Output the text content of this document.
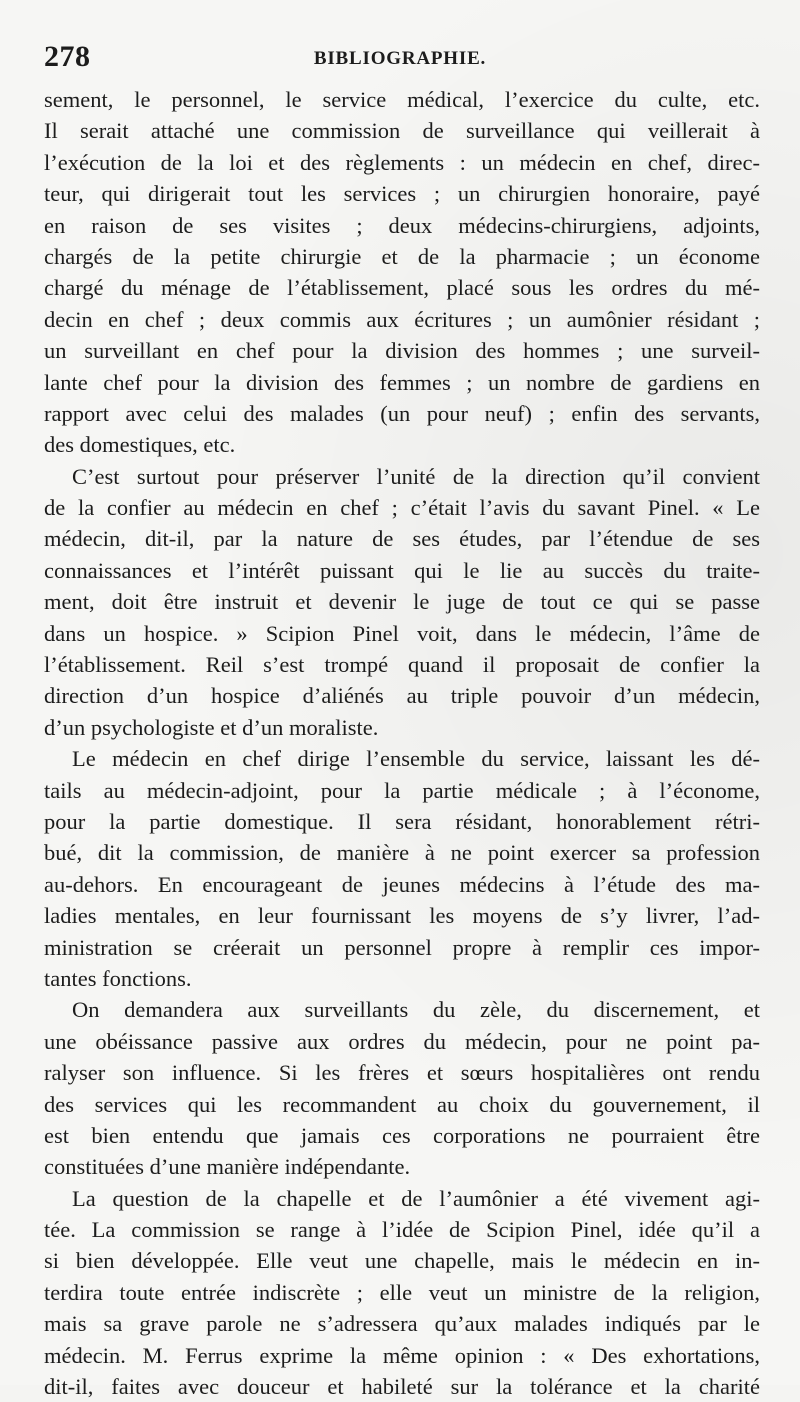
278	BIBLIOGRAPHIE.
sement, le personnel, le service médical, l’exercice du culte, etc.
Il serait attaché une commission de surveillance qui veillerait à
l’exécution de la loi et des règlements : un médecin en chef, direc-
teur, qui dirigerait tout les services ; un chirurgien honoraire, payé
en raison de ses visites ; deux médecins-chirurgiens, adjoints,
chargés de la petite chirurgie et de la pharmacie ; un économe
chargé du ménage de l’établissement, placé sous les ordres du mé-
decin en chef ; deux commis aux écritures ; un aumônier résidant ;
un surveillant en chef pour la division des hommes ; une surveil-
lante chef pour la division des femmes ; un nombre de gardiens en
rapport avec celui des malades (un pour neuf) ; enfin des servants,
des domestiques, etc.
C’est surtout pour préserver l’unité de la direction qu’il convient
de la confier au médecin en chef ; c’était l’avis du savant Pinel. « Le
médecin, dit-il, par la nature de ses études, par l’étendue de ses
connaissances et l’intérêt puissant qui le lie au succès du traite-
ment, doit être instruit et devenir le juge de tout ce qui se passe
dans un hospice. » Scipion Pinel voit, dans le médecin, l’âme de
l’établissement. Reil s’est trompé quand il proposait de confier la
direction d’un hospice d’aliénés au triple pouvoir d’un médecin,
d’un psychologiste et d’un moraliste.
Le médecin en chef dirige l’ensemble du service, laissant les dé-
tails au médecin-adjoint, pour la partie médicale ; à l’économe,
pour la partie domestique. Il sera résidant, honorablement rétri-
bué, dit la commission, de manière à ne point exercer sa profession
au-dehors. En encourageant de jeunes médecins à l’étude des ma-
ladies mentales, en leur fournissant les moyens de s’y livrer, l’ad-
ministration se créerait un personnel propre à remplir ces impor-
tantes fonctions.
On demandera aux surveillants du zèle, du discernement, et
une obéissance passive aux ordres du médecin, pour ne point pa-
ralyser son influence. Si les frères et sœurs hospitalières ont rendu
des services qui les recommandent au choix du gouvernement, il
est bien entendu que jamais ces corporations ne pourraient être
constituées d’une manière indépendante.
La question de la chapelle et de l’aumônier a été vivement agi-
tée. La commission se range à l’idée de Scipion Pinel, idée qu’il a
si bien développée. Elle veut une chapelle, mais le médecin en in-
terdira toute entrée indiscrète ; elle veut un ministre de la religion,
mais sa grave parole ne s’adressera qu’aux malades indiqués par le
médecin. M. Ferrus exprime la même opinion : « Des exhortations,
dit-il, faites avec douceur et habileté sur la tolérance et la charité
